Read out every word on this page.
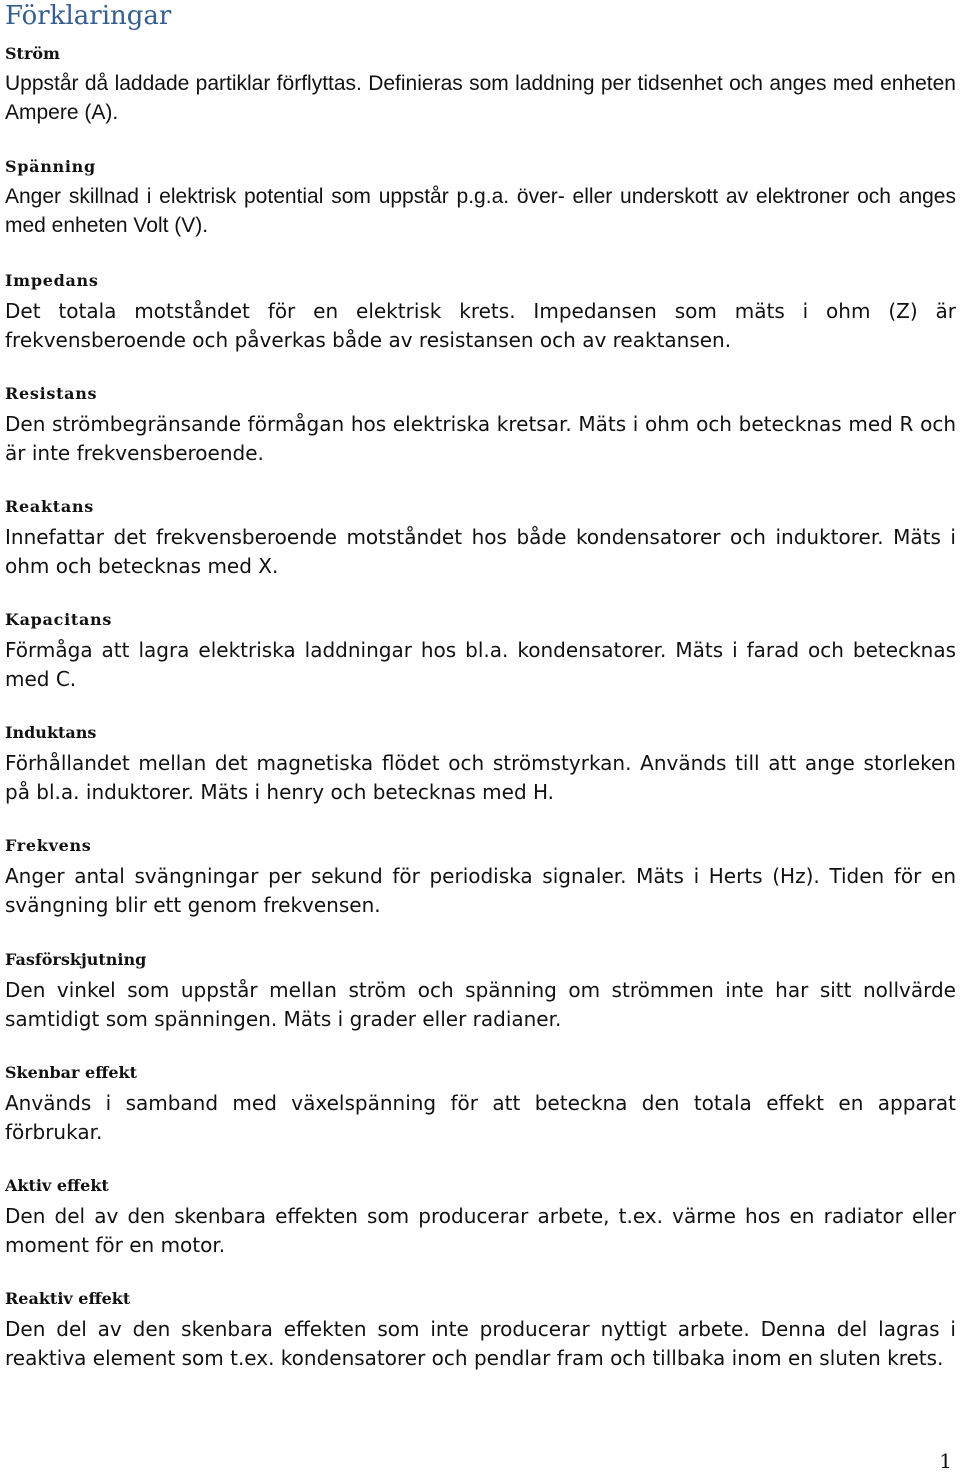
Förklaringar
Ström

Uppstår då laddade partiklar förflyttas. Definieras som laddning per tidsenhet och anges med enheten Ampere (A).

Spänning

Anger skillnad i elektrisk potential som uppstår p.g.a. över- eller underskott av elektroner och anges med enheten Volt (V).

Impedans

Det totala motståndet för en elektrisk krets. Impedansen som mäts i ohm (Z) är frekvensberoende och påverkas både av resistansen och av reaktansen.

Resistans

Den strömbegränsande förmågan hos elektriska kretsar. Mäts i ohm och betecknas med R och är inte frekvensberoende.

Reaktans

Innefattar det frekvensberoende motståndet hos både kondensatorer och induktorer. Mäts i ohm och betecknas med X.

Kapacitans

Förmåga att lagra elektriska laddningar hos bl.a. kondensatorer. Mäts i farad och betecknas med C.

Induktans

Förhållandet mellan det magnetiska flödet och strömstyrkan. Används till att ange storleken på bl.a. induktorer. Mäts i henry och betecknas med H.

Frekvens

Anger antal svängningar per sekund för periodiska signaler. Mäts i Herts (Hz). Tiden för en svängning blir ett genom frekvensen.

Fasförskjutning

Den vinkel som uppstår mellan ström och spänning om strömmen inte har sitt nollvärde samtidigt som spänningen. Mäts i grader eller radianer.

Skenbar effekt

Används i samband med växelspänning för att beteckna den totala effekt en apparat förbrukar.

Aktiv effekt

Den del av den skenbara effekten som producerar arbete, t.ex. värme hos en radiator eller moment för en motor.

Reaktiv effekt

Den del av den skenbara effekten som inte producerar nyttigt arbete. Denna del lagras i reaktiva element som t.ex. kondensatorer och pendlar fram och tillbaka inom en sluten krets.

1
